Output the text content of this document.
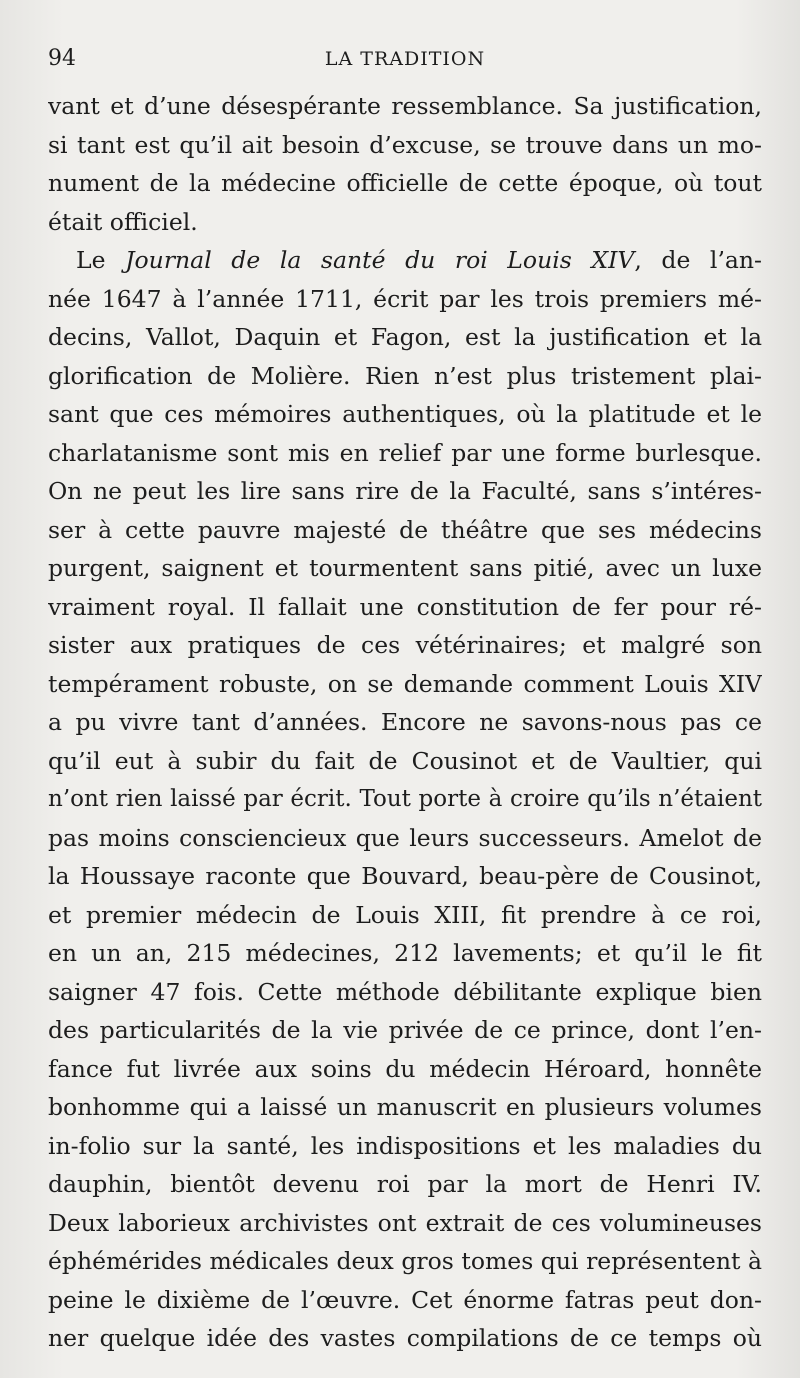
94	LA TRADITION
vant et d’une désespérante ressemblance. Sa justification,
si tant est qu’il ait besoin d’excuse, se trouve dans un mo-
nument de la médecine officielle de cette époque, où tout
était officiel.
Le Journal de la santé du roi Louis XIV, de l’an-
née 1647 à l’année 1711, écrit par les trois premiers mé-
decins, Vallot, Daquin et Fagon, est la justification et la
glorification de Molière. Rien n’est plus tristement plai-
sant que ces mémoires authentiques, où la platitude et le
charlatanisme sont mis en relief par une forme burlesque.
On ne peut les lire sans rire de la Faculté, sans s’intéres-
ser à cette pauvre majesté de théâtre que ses médecins
purgent, saignent et tourmentent sans pitié, avec un luxe
vraiment royal. Il fallait une constitution de fer pour ré-
sister aux pratiques de ces vétérinaires; et malgré son
tempérament robuste, on se demande comment Louis XIV
a pu vivre tant d’années. Encore ne savons-nous pas ce
qu’il eut à subir du fait de Cousinot et de Vaultier, qui
n’ont rien laissé par écrit. Tout porte à croire qu’ils n’étaient
pas moins consciencieux que leurs successeurs. Amelot de
la Houssaye raconte que Bouvard, beau-père de Cousinot,
et premier médecin de Louis XIII, fit prendre à ce roi,
en un an, 215 médecines, 212 lavements; et qu’il le fit
saigner 47 fois. Cette méthode débilitante explique bien
des particularités de la vie privée de ce prince, dont l’en-
fance fut livrée aux soins du médecin Héroard, honnête
bonhomme qui a laissé un manuscrit en plusieurs volumes
in-folio sur la santé, les indispositions et les maladies du
dauphin, bientôt devenu roi par la mort de Henri IV.
Deux laborieux archivistes ont extrait de ces volumineuses
éphémérides médicales deux gros tomes qui représentent à
peine le dixième de l’œuvre. Cet énorme fatras peut don-
ner quelque idée des vastes compilations de ce temps où
